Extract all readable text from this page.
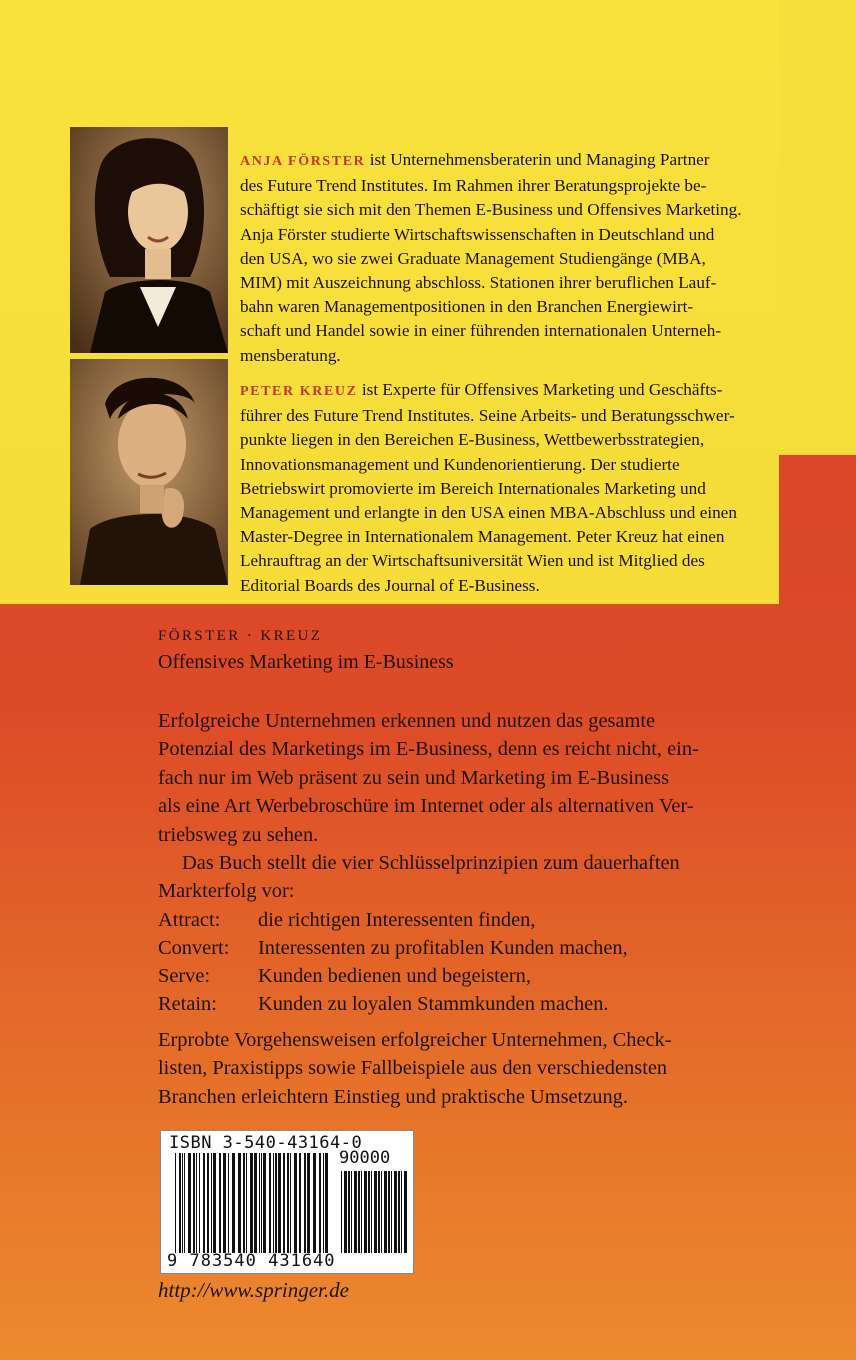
ANJA FÖRSTER ist Unternehmensberaterin und Managing Partner
des Future Trend Institutes. Im Rahmen ihrer Beratungsprojekte be-
schäftigt sie sich mit den Themen E-Business und Offensives Marketing.
Anja Förster studierte Wirtschaftswissenschaften in Deutschland und
den USA, wo sie zwei Graduate Management Studiengänge (MBA,
MIM) mit Auszeichnung abschloss. Stationen ihrer beruflichen Lauf-
bahn waren Managementpositionen in den Branchen Energiewirt-
schaft und Handel sowie in einer führenden internationalen Unterneh-
mensberatung.
PETER KREUZ ist Experte für Offensives Marketing und Geschäfts-
führer des Future Trend Institutes. Seine Arbeits- und Beratungsschwer-
punkte liegen in den Bereichen E-Business, Wettbewerbsstrategien,
Innovationsmanagement und Kundenorientierung. Der studierte
Betriebswirt promovierte im Bereich Internationales Marketing und
Management und erlangte in den USA einen MBA-Abschluss und einen
Master-Degree in Internationalem Management. Peter Kreuz hat einen
Lehrauftrag an der Wirtschaftsuniversität Wien und ist Mitglied des
Editorial Boards des Journal of E-Business.
FÖRSTER · KREUZ
Offensives Marketing im E-Business
Erfolgreiche Unternehmen erkennen und nutzen das gesamte
Potenzial des Marketings im E-Business, denn es reicht nicht, ein-
fach nur im Web präsent zu sein und Marketing im E-Business
als eine Art Werbebroschüre im Internet oder als alternativen Ver-
triebsweg zu sehen.
Das Buch stellt die vier Schlüsselprinzipien zum dauerhaften
Markterfolg vor:
Attract: die richtigen Interessenten finden,
Convert: Interessenten zu profitablen Kunden machen,
Serve: Kunden bedienen und begeistern,
Retain: Kunden zu loyalen Stammkunden machen.
Erprobte Vorgehensweisen erfolgreicher Unternehmen, Check-
listen, Praxistipps sowie Fallbeispiele aus den verschiedensten
Branchen erleichtern Einstieg und praktische Umsetzung.
ISBN 3-540-43164-0
90000
9 783540 431640
http://www.springer.de
